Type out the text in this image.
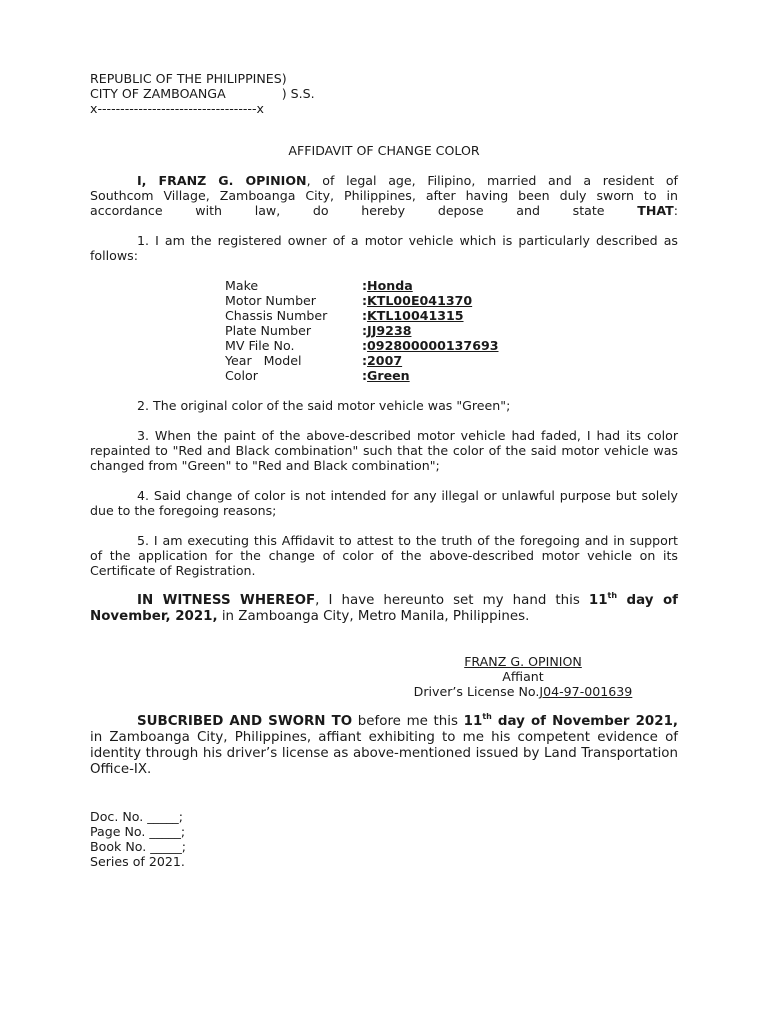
REPUBLIC OF THE PHILIPPINES)
CITY OF ZAMBOANGA              ) S.S.
x-----------------------------------x
AFFIDAVIT OF CHANGE COLOR
I, FRANZ G. OPINION, of legal age, Filipino, married and a resident of
Southcom Village, Zamboanga City, Philippines, after having been duly sworn to in
accordance with law, do hereby depose and state THAT:
1. I am the registered owner of a motor vehicle which is particularly described as follows:
Make	:Honda
Motor Number	:KTL00E041370
Chassis Number	:KTL10041315
Plate Number	:JJ9238
MV File No.	:092800000137693
Year   Model	:2007
Color	:Green
2. The original color of the said motor vehicle was "Green";
3. When the paint of the above-described motor vehicle had faded, I had its color repainted to "Red and Black combination" such that the color of the said motor vehicle was changed from "Green" to "Red and Black combination";
4. Said change of color is not intended for any illegal or unlawful purpose but solely due to the foregoing reasons;
5. I am executing this Affidavit to attest to the truth of the foregoing and in support of the application for the change of color of the above-described motor vehicle on its Certificate of Registration.
IN WITNESS WHEREOF, I have hereunto set my hand this 11th day of November, 2021, in Zamboanga City, Metro Manila, Philippines.
FRANZ G. OPINION
Affiant
Driver’s License No.J04-97-001639
SUBCRIBED AND SWORN TO before me this 11th day of November 2021, in Zamboanga City, Philippines, affiant exhibiting to me his competent evidence of identity through his driver’s license as above-mentioned issued by Land Transportation Office-IX.
Doc. No. _____;
Page No. _____;
Book No. _____;
Series of 2021.
